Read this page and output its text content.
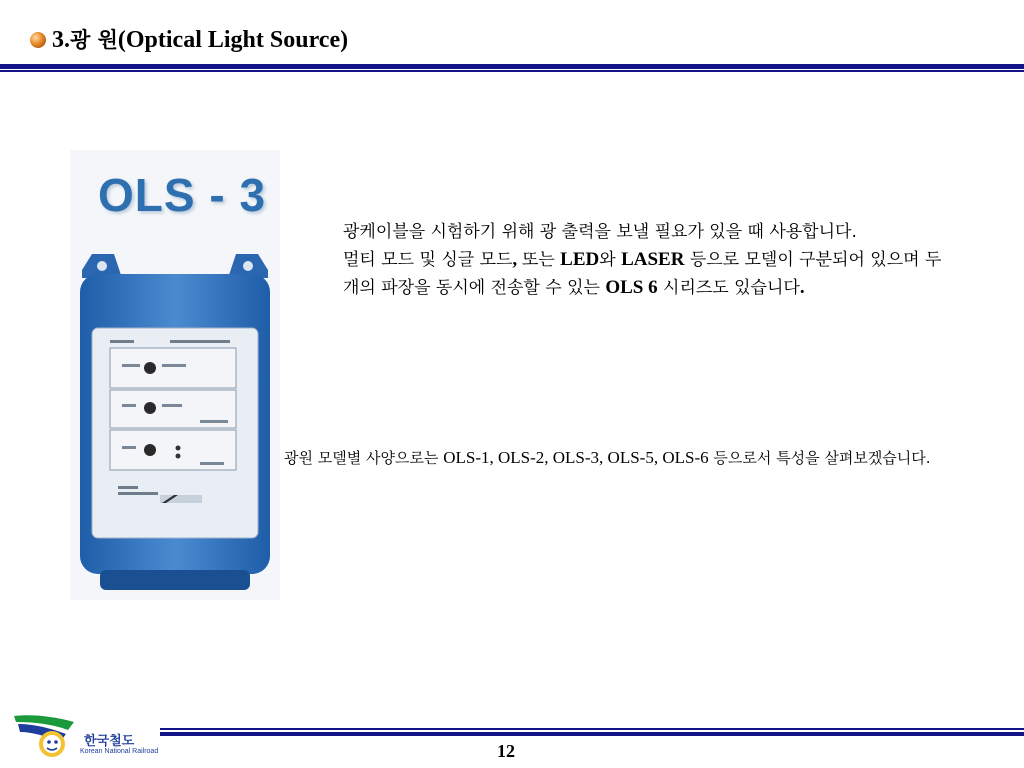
3.광 원(Optical Light Source)
OLS - 3
광케이블을 시험하기 위해 광 출력을 보낼 필요가 있을 때 사용합니다.
멀티 모드 및 싱글 모드, 또는 LED와 LASER 등으로 모델이 구분되어 있으며 두 개의 파장을 동시에 전송할 수 있는 OLS 6 시리즈도 있습니다.
광원 모델별 사양으로는 OLS-1, OLS-2, OLS-3, OLS-5, OLS-6 등으로서 특성을 살펴보겠습니다.
한국철도
Korean National Railroad	12
